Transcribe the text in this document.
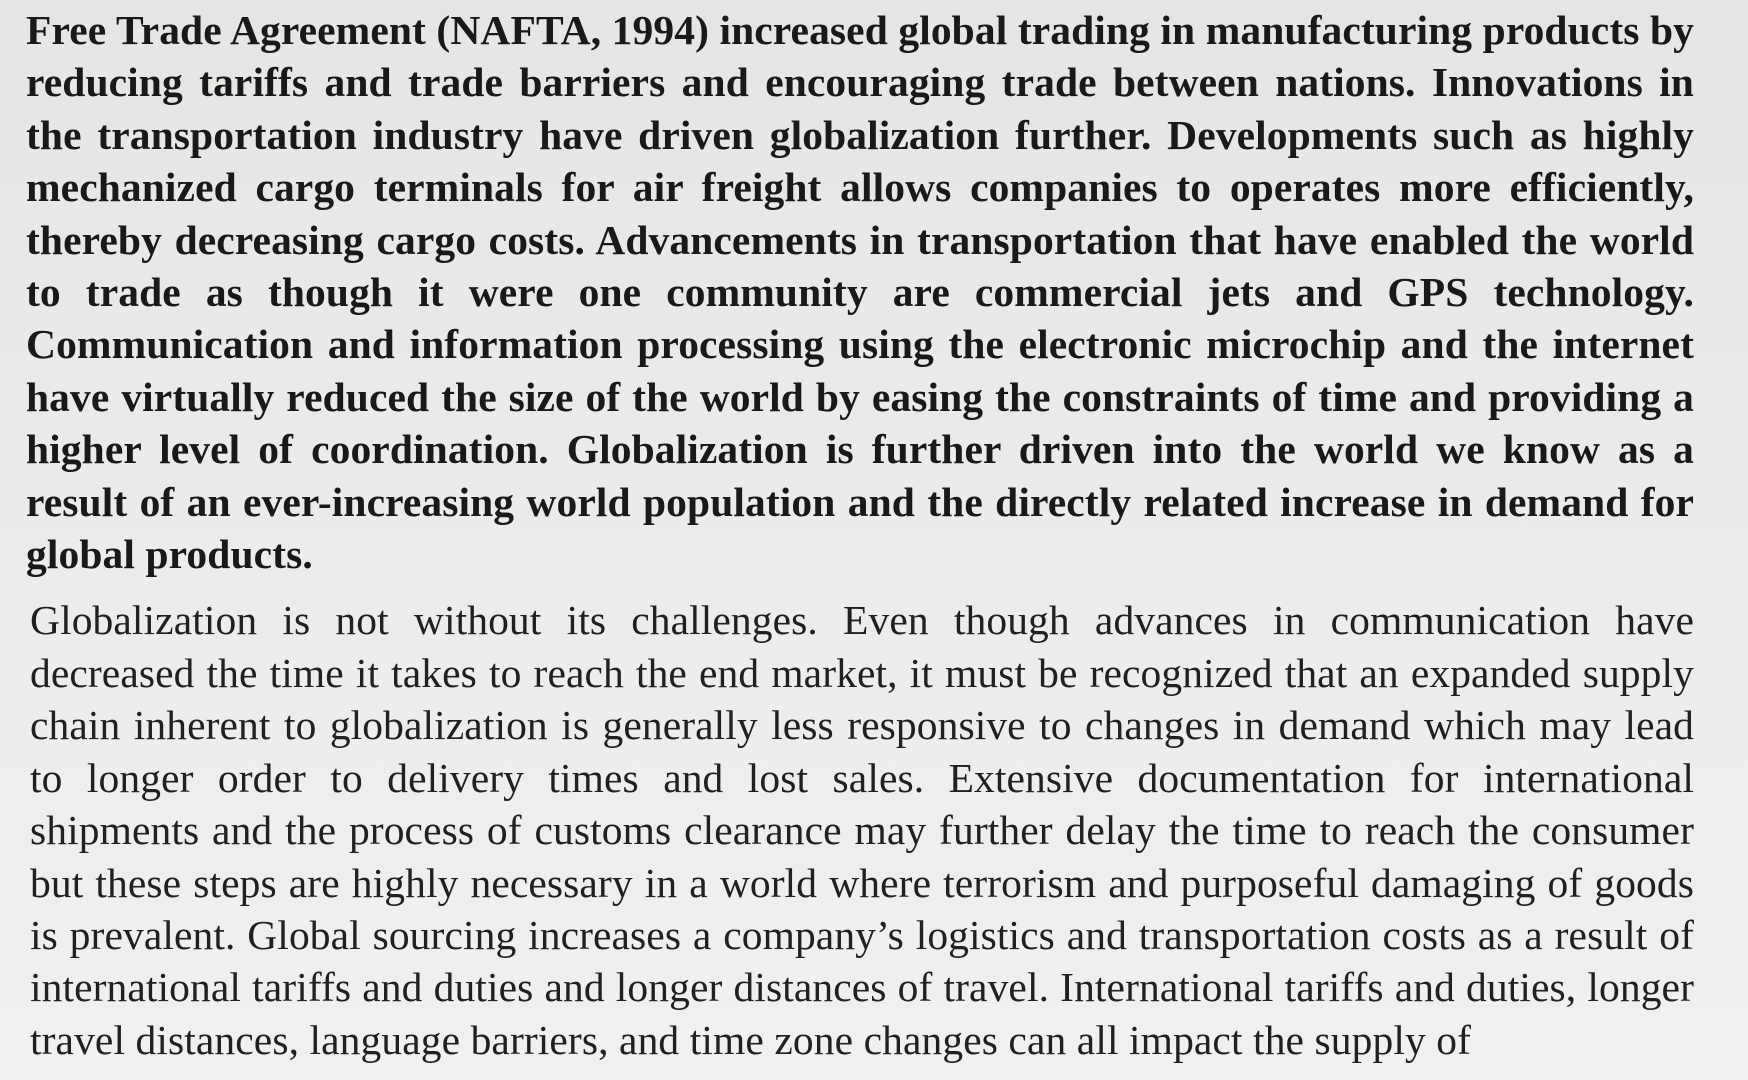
Free Trade Agreement (NAFTA, 1994) increased global trading in manufacturing products by reducing tariffs and trade barriers and encouraging trade between nations. Innovations in the transportation industry have driven globalization further. Developments such as highly mechanized cargo terminals for air freight allows companies to operates more efficiently, thereby decreasing cargo costs. Advancements in transportation that have enabled the world to trade as though it were one community are commercial jets and GPS technology. Communication and information processing using the electronic microchip and the internet have virtually reduced the size of the world by easing the constraints of time and providing a higher level of coordination. Globalization is further driven into the world we know as a result of an ever-increasing world population and the directly related increase in demand for global products.

Globalization is not without its challenges. Even though advances in communication have decreased the time it takes to reach the end market, it must be recognized that an expanded supply chain inherent to globalization is generally less responsive to changes in demand which may lead to longer order to delivery times and lost sales. Extensive documentation for international shipments and the process of customs clearance may further delay the time to reach the consumer but these steps are highly necessary in a world where terrorism and purposeful damaging of goods is prevalent. Global sourcing increases a company’s logistics and transportation costs as a result of international tariffs and duties and longer distances of travel. International tariffs and duties, longer travel distances, language barriers, and time zone changes can all impact the supply of
